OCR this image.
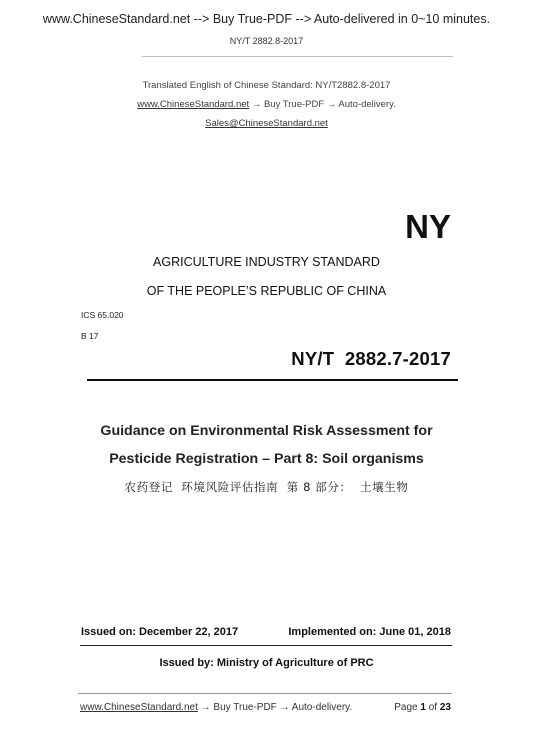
www.ChineseStandard.net --> Buy True-PDF --> Auto-delivered in 0~10 minutes.
NY/T 2882.8-2017
Translated English of Chinese Standard: NY/T2882.8-2017
www.ChineseStandard.net → Buy True-PDF → Auto-delivery.
Sales@ChineseStandard.net
NY
AGRICULTURE INDUSTRY STANDARD
OF THE PEOPLE’S REPUBLIC OF CHINA
ICS 65.020
B 17
NY/T  2882.7-2017
Guidance on Environmental Risk Assessment for
Pesticide Registration – Part 8: Soil organisms
农药登记  环境风险评估指南  第 8 部分：  土壤生物
Issued on: December 22, 2017	Implemented on: June 01, 2018
Issued by: Ministry of Agriculture of PRC
www.ChineseStandard.net → Buy True-PDF → Auto-delivery.	Page 1 of 23
